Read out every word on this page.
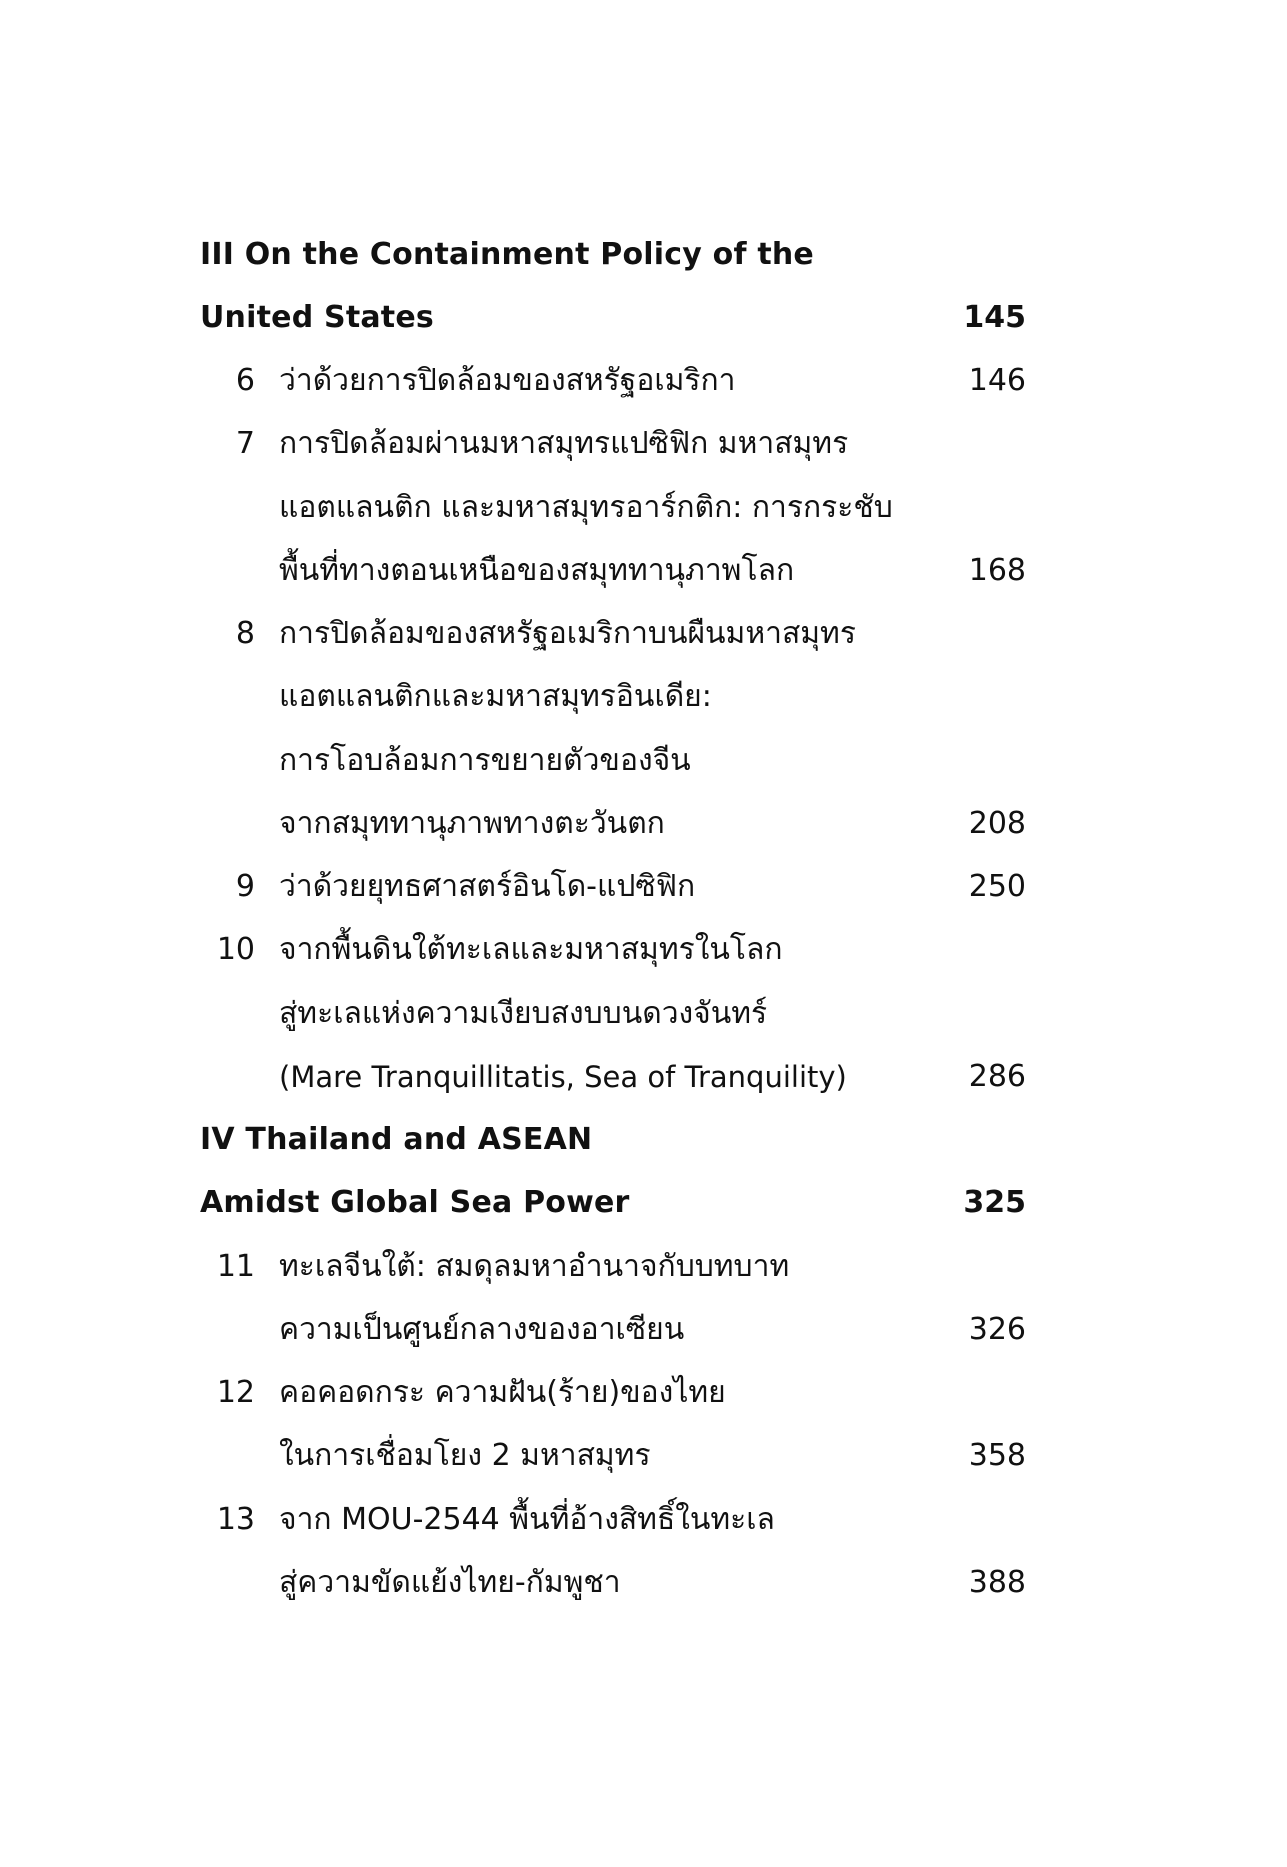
III On the Containment Policy of the
United States	145
6 ว่าด้วยการปิดล้อมของสหรัฐอเมริกา	146
7 การปิดล้อมผ่านมหาสมุทรแปซิฟิก มหาสมุทร
แอตแลนติก และมหาสมุทรอาร์กติก: การกระชับ
พื้นที่ทางตอนเหนือของสมุททานุภาพโลก	168
8 การปิดล้อมของสหรัฐอเมริกาบนผืนมหาสมุทร
แอตแลนติกและมหาสมุทรอินเดีย:
การโอบล้อมการขยายตัวของจีน
จากสมุททานุภาพทางตะวันตก	208
9 ว่าด้วยยุทธศาสตร์อินโด-แปซิฟิก	250
10 จากพื้นดินใต้ทะเลและมหาสมุทรในโลก
สู่ทะเลแห่งความเงียบสงบบนดวงจันทร์
(Mare Tranquillitatis, Sea of Tranquility)	286
IV Thailand and ASEAN
Amidst Global Sea Power	325
11 ทะเลจีนใต้: สมดุลมหาอำนาจกับบทบาท
ความเป็นศูนย์กลางของอาเซียน	326
12 คอคอดกระ ความฝัน(ร้าย)ของไทย
ในการเชื่อมโยง 2 มหาสมุทร	358
13 จาก MOU-2544 พื้นที่อ้างสิทธิ์ในทะเล
สู่ความขัดแย้งไทย-กัมพูชา	388
